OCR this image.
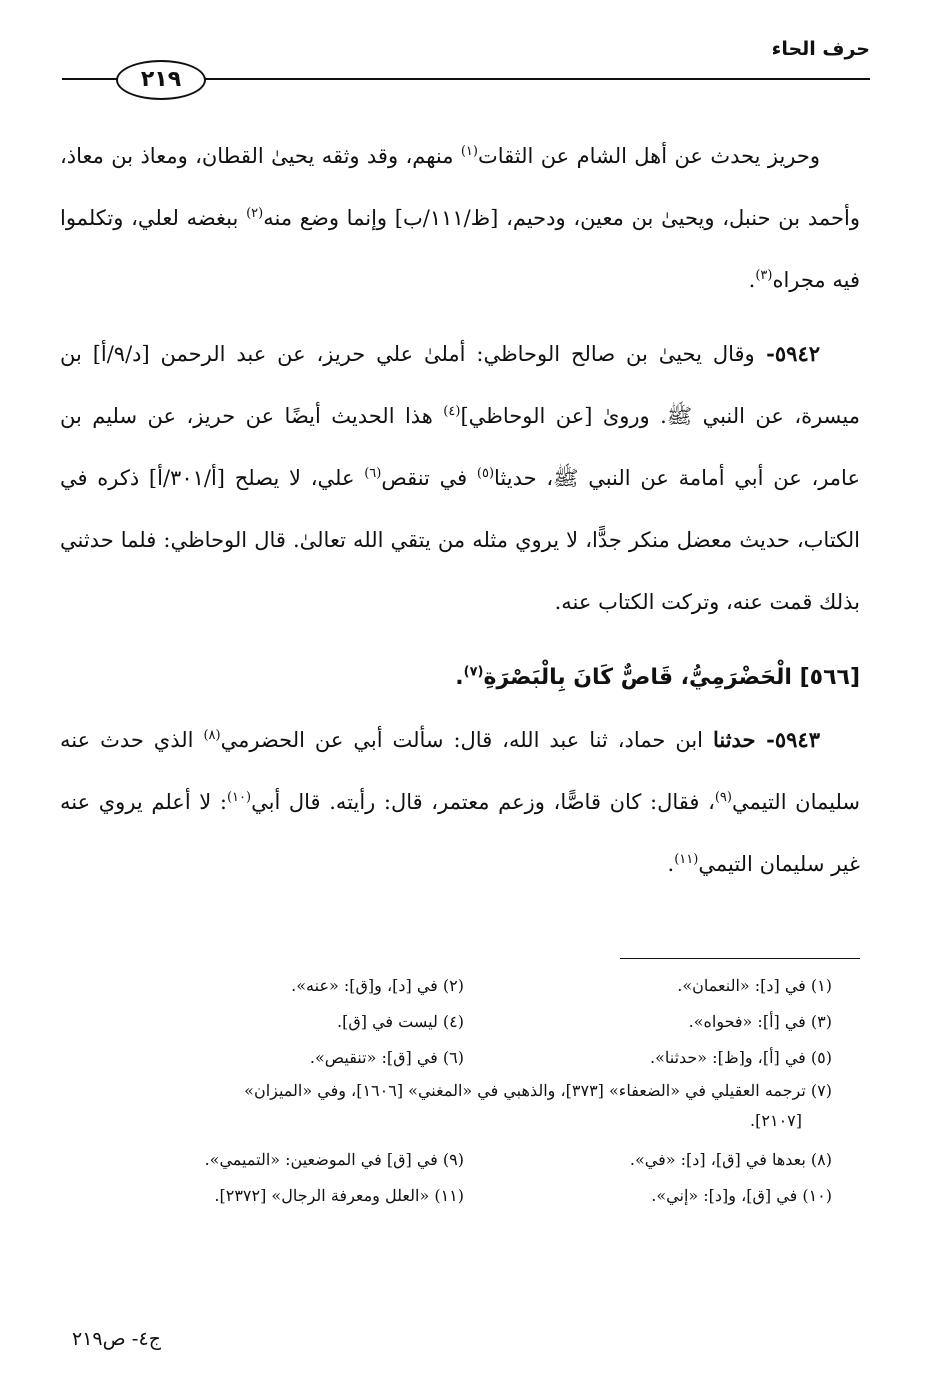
حرف الحاء
٢١٩

وحريز يحدث عن أهل الشام عن الثقات$^{(١)}$ منهم، وقد وثقه يحيىٰ القطان، ومعاذ بن معاذ، وأحمد بن حنبل، ويحيىٰ بن معين، ودحيم، [ظ/١١١/ب] وإنما وضع منه$^{(٢)}$ ببغضه لعلي، وتكلموا فيه مجراه$^{(٣)}$.

٥٩٤٢- وقال يحيىٰ بن صالح الوحاظي: أملىٰ علي حريز، عن عبد الرحمن [د/٩/أ] بن ميسرة، عن النبي ﷺ. وروىٰ [عن الوحاظي]$^{(٤)}$ هذا الحديث أيضًا عن حريز، عن سليم بن عامر، عن أبي أمامة عن النبي ﷺ، حديثا$^{(٥)}$ في تنقص$^{(٦)}$ علي، لا يصلح [أ/٣٠١/أ] ذكره في الكتاب، حديث معضل منكر جدًّا، لا يروي مثله من يتقي الله تعالىٰ. قال الوحاظي: فلما حدثني بذلك قمت عنه، وتركت الكتاب عنه.

[٥٦٦] الْحَضْرَمِيُّ، قَاصٌّ كَانَ بِالْبَصْرَةِ$^{(٧)}$.

٥٩٤٣- حدثنا ابن حماد، ثنا عبد الله، قال: سألت أبي عن الحضرمي$^{(٨)}$ الذي حدث عنه سليمان التيمي$^{(٩)}$، فقال: كان قاصًّا، وزعم معتمر، قال: رأيته. قال أبي$^{(١٠)}$: لا أعلم يروي عنه غير سليمان التيمي$^{(١١)}$.

(١) في [د]: «النعمان».
(٢) في [د]، و[ق]: «عنه».
(٣) في [أ]: «فحواه».
(٤) ليست في [ق].
(٥) في [أ]، و[ظ]: «حدثنا».
(٦) في [ق]: «تنقيص».
(٧) ترجمه العقيلي في «الضعفاء» [٣٧٣]، والذهبي في «المغني» [١٦٠٦]، وفي «الميزان»
[٢١٠٧].
(٨) بعدها في [ق]، [د]: «في».
(٩) في [ق] في الموضعين: «التميمي».
(١٠) في [ق]، و[د]: «إني».
(١١) «العلل ومعرفة الرجال» [٢٣٧٢].
ج٤- ص٢١٩
